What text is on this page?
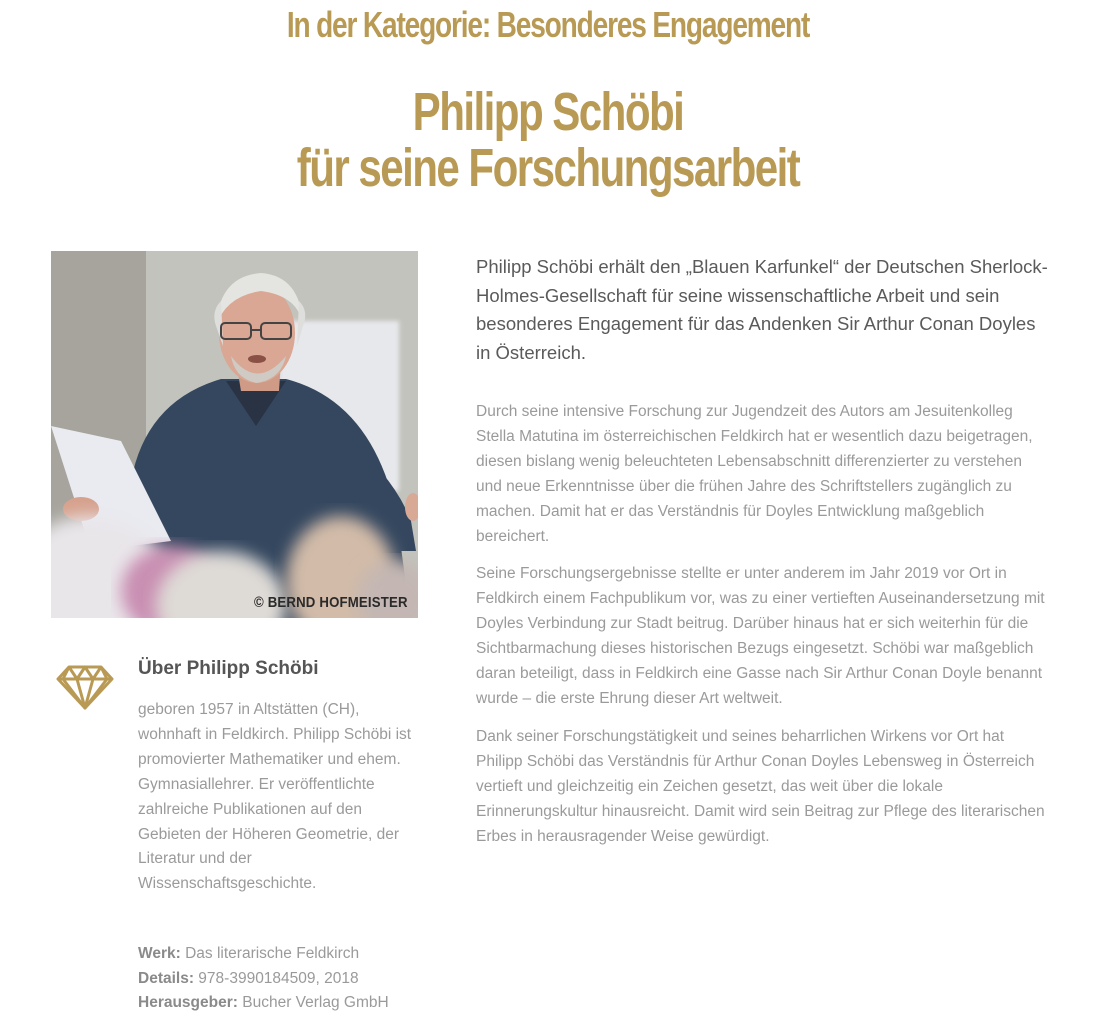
In der Kategorie: Besonderes Engagement
Philipp Schöbi
für seine Forschungsarbeit
© BERND HOFMEISTER
Über Philipp Schöbi

geboren 1957 in Altstätten (CH), wohnhaft in Feldkirch. Philipp Schöbi ist promovierter Mathematiker und ehem. Gymnasiallehrer. Er veröffentlichte zahlreiche Publikationen auf den Gebieten der Höheren Geometrie, der Literatur und der Wissenschaftsgeschichte.

Werk: Das literarische Feldkirch
Details: 978-3990184509, 2018
Herausgeber: Bucher Verlag GmbH

Philipp Schöbi erhält den „Blauen Karfunkel“ der Deutschen Sherlock-Holmes-Gesellschaft für seine wissenschaftliche Arbeit und sein besonderes Engagement für das Andenken Sir Arthur Conan Doyles in Österreich.

Durch seine intensive Forschung zur Jugendzeit des Autors am Jesuitenkolleg Stella Matutina im österreichischen Feldkirch hat er wesentlich dazu beigetragen, diesen bislang wenig beleuchteten Lebensabschnitt differenzierter zu verstehen und neue Erkenntnisse über die frühen Jahre des Schriftstellers zugänglich zu machen. Damit hat er das Verständnis für Doyles Entwicklung maßgeblich bereichert.

Seine Forschungsergebnisse stellte er unter anderem im Jahr 2019 vor Ort in Feldkirch einem Fachpublikum vor, was zu einer vertieften Auseinandersetzung mit Doyles Verbindung zur Stadt beitrug. Darüber hinaus hat er sich weiterhin für die Sichtbarmachung dieses historischen Bezugs eingesetzt. Schöbi war maßgeblich daran beteiligt, dass in Feldkirch eine Gasse nach Sir Arthur Conan Doyle benannt wurde – die erste Ehrung dieser Art weltweit.

Dank seiner Forschungstätigkeit und seines beharrlichen Wirkens vor Ort hat Philipp Schöbi das Verständnis für Arthur Conan Doyles Lebensweg in Österreich vertieft und gleichzeitig ein Zeichen gesetzt, das weit über die lokale Erinnerungskultur hinausreicht. Damit wird sein Beitrag zur Pflege des literarischen Erbes in herausragender Weise gewürdigt.
